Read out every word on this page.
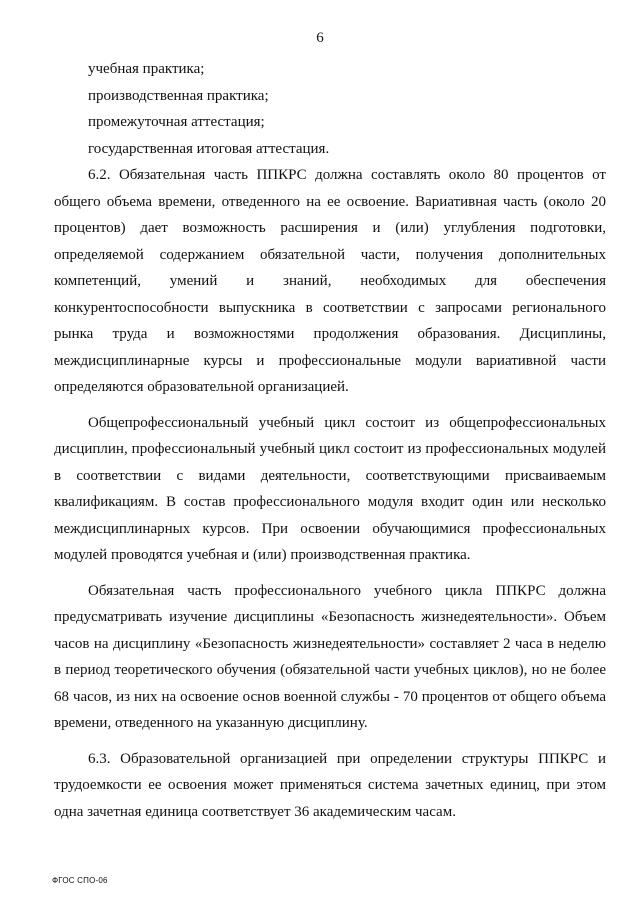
6

учебная практика;

производственная практика;

промежуточная аттестация;

государственная итоговая аттестация.

6.2. Обязательная часть ППКРС должна составлять около 80 процентов от общего объема времени, отведенного на ее освоение. Вариативная часть (около 20 процентов) дает возможность расширения и (или) углубления подготовки, определяемой содержанием обязательной части, получения дополнительных компетенций, умений и знаний, необходимых для обеспечения конкурентоспособности выпускника в соответствии с запросами регионального рынка труда и возможностями продолжения образования. Дисциплины, междисциплинарные курсы и профессиональные модули вариативной части определяются образовательной организацией.

Общепрофессиональный учебный цикл состоит из общепрофессиональных дисциплин, профессиональный учебный цикл состоит из профессиональных модулей в соответствии с видами деятельности, соответствующими присваиваемым квалификациям. В состав профессионального модуля входит один или несколько междисциплинарных курсов. При освоении обучающимися профессиональных модулей проводятся учебная и (или) производственная практика.

Обязательная часть профессионального учебного цикла ППКРС должна предусматривать изучение дисциплины «Безопасность жизнедеятельности». Объем часов на дисциплину «Безопасность жизнедеятельности» составляет 2 часа в неделю в период теоретического обучения (обязательной части учебных циклов), но не более 68 часов, из них на освоение основ военной службы - 70 процентов от общего объема времени, отведенного на указанную дисциплину.

6.3. Образовательной организацией при определении структуры ППКРС и трудоемкости ее освоения может применяться система зачетных единиц, при этом одна зачетная единица соответствует 36 академическим часам.

ФГОС СПО-06
